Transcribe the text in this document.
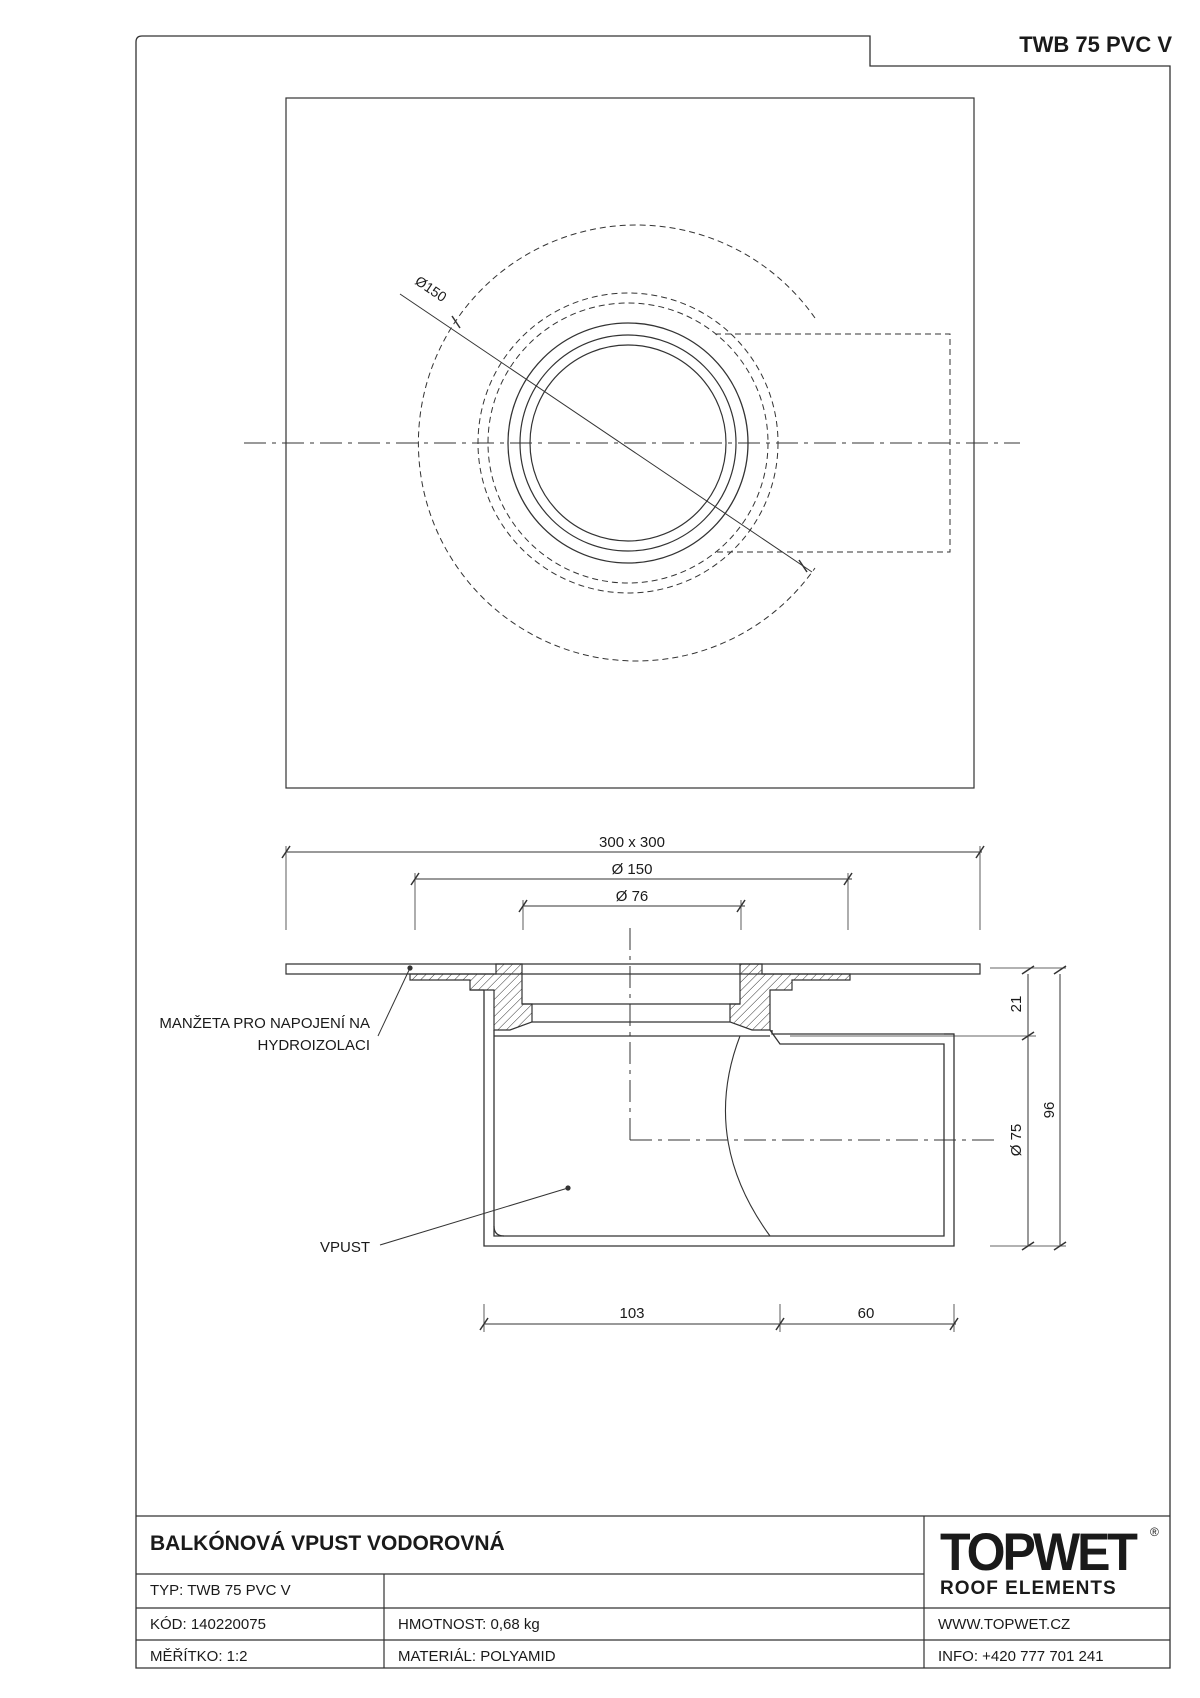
Ø150
300 x 300
Ø 150
Ø 76
21
Ø 75
96
103	60
MANŽETA PRO NAPOJENÍ NA
HYDROIZOLACI
VPUST
TWB 75 PVC V
BALKÓNOVÁ VPUST VODOROVNÁ
TYP: TWB 75 PVC V
KÓD: 140220075	HMOTNOST: 0,68 kg
MĚŘÍTKO: 1:2	MATERIÁL: POLYAMID
WWW.TOPWET.CZ
INFO: +420 777 701 241
TOPWET ®
ROOF ELEMENTS
